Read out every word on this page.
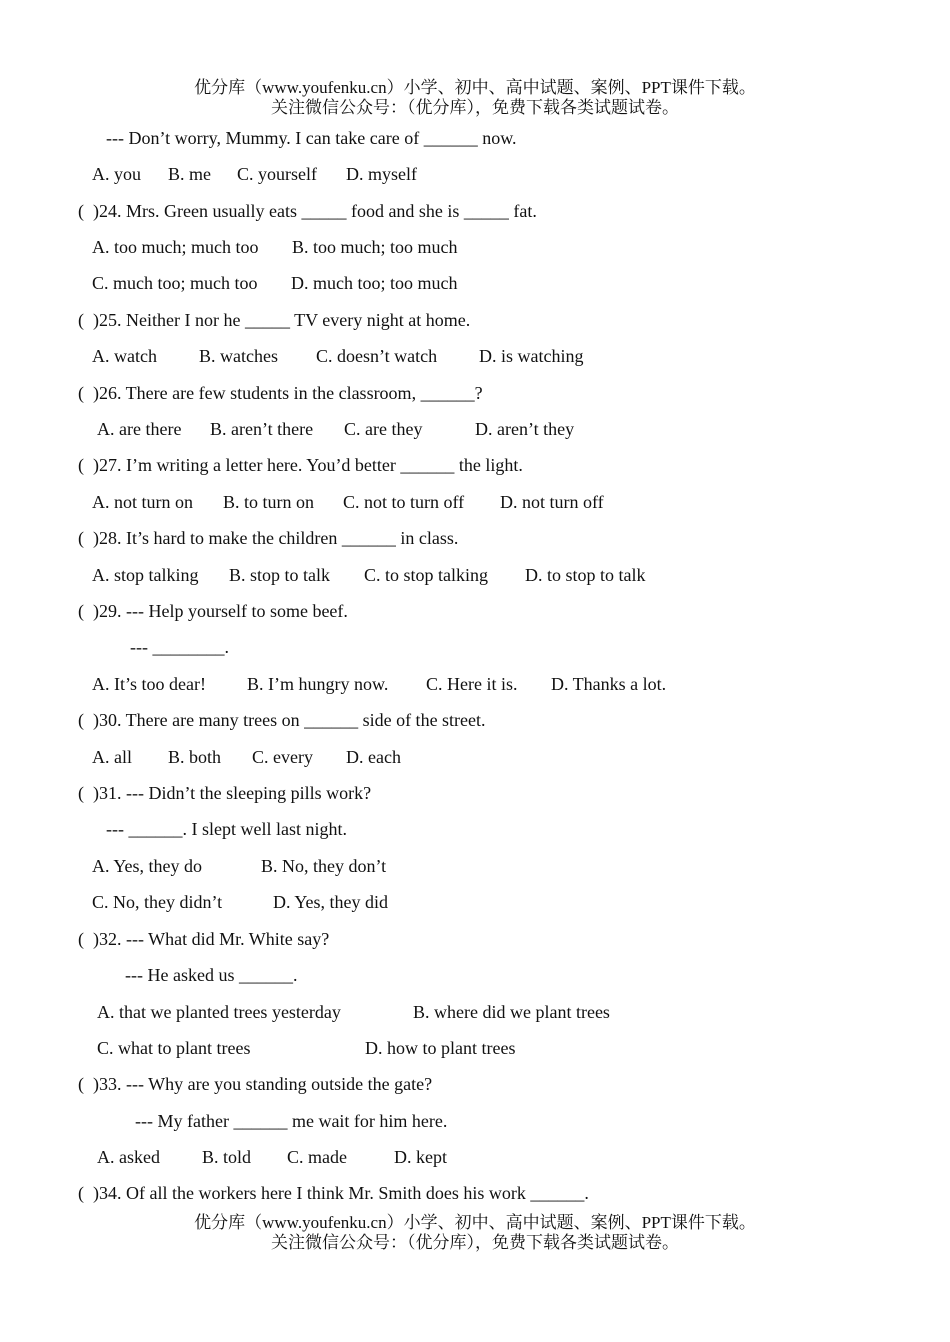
优分库（www.youfenku.cn）小学、初中、高中试题、案例、PPT课件下载。
关注微信公众号：（优分库），免费下载各类试题试卷。
--- Don’t worry, Mummy. I can take care of ______ now.
A. you B. me C. yourself D. myself
(  )24. Mrs. Green usually eats _____ food and she is _____ fat.
A. too much; much too B. too much; too much
C. much too; much too D. much too; too much
(  )25. Neither I nor he _____ TV every night at home.
A. watch B. watches C. doesn’t watch D. is watching
(  )26. There are few students in the classroom, ______?
A. are there B. aren’t there C. are they	D. aren’t they
(  )27. I’m writing a letter here. You’d better ______ the light.
A. not turn on B. to turn on C. not to turn off D. not turn off
(  )28. It’s hard to make the children ______ in class.
A. stop talking B. stop to talk C. to stop talking D. to stop to talk
(  )29. --- Help yourself to some beef.
--- ________.
A. It’s too dear! B. I’m hungry now. C. Here it is. D. Thanks a lot.
(  )30. There are many trees on ______ side of the street.
A. all B. both C. every D. each
(  )31. --- Didn’t the sleeping pills work?
--- ______. I slept well last night.
A. Yes, they do	B. No, they don’t
C. No, they didn’t	D. Yes, they did
(  )32. --- What did Mr. White say?
--- He asked us ______.
A. that we planted trees yesterday	B. where did we plant trees
C. what to plant trees	D. how to plant trees
(  )33. --- Why are you standing outside the gate?
--- My father ______ me wait for him here.
A. asked B. told C. made	D. kept
(  )34. Of all the workers here I think Mr. Smith does his work ______.
优分库（www.youfenku.cn）小学、初中、高中试题、案例、PPT课件下载。
关注微信公众号：（优分库），免费下载各类试题试卷。
